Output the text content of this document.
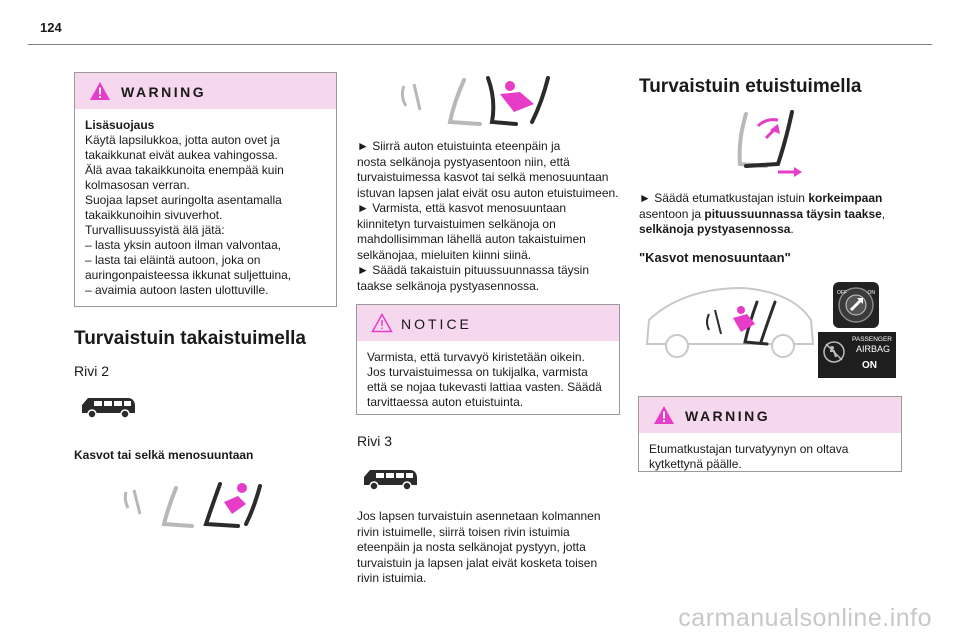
124
WARNING
Lisäsuojaus
Käytä lapsilukkoa, jotta auton ovet ja
takaikkunat eivät aukea vahingossa.
Älä avaa takaikkunoita enempää kuin
kolmasosan verran.
Suojaa lapset auringolta asentamalla
takaikkunoihin sivuverhot.
Turvallisuussyistä älä jätä:
– lasta yksin autoon ilman valvontaa,
– lasta tai eläintä autoon, joka on
auringonpaisteessa ikkunat suljettuina,
– avaimia autoon lasten ulottuville.
Turvaistuin takaistuimella
Rivi 2
Kasvot tai selkä menosuuntaan
► Siirrä auton etuistuinta eteenpäin ja
nosta selkänoja pystyasentoon niin, että
turvaistuimessa kasvot tai selkä menosuuntaan
istuvan lapsen jalat eivät osu auton etuistuimeen.
► Varmista, että kasvot menosuuntaan
kiinnitetyn turvaistuimen selkänoja on
mahdollisimman lähellä auton takaistuimen
selkänojaa, mieluiten kiinni siinä.
► Säädä takaistuin pituussuunnassa täysin
taakse selkänoja pystyasennossa.
NOTICE
Varmista, että turvavyö kiristetään oikein.
Jos turvaistuimessa on tukijalka, varmista
että se nojaa tukevasti lattiaa vasten. Säädä
tarvittaessa auton etuistuinta.
Rivi 3
Jos lapsen turvaistuin asennetaan kolmannen
rivin istuimelle, siirrä toisen rivin istuimia
eteenpäin ja nosta selkänojat pystyyn, jotta
turvaistuin ja lapsen jalat eivät kosketa toisen
rivin istuimia.
Turvaistuin etuistuimella
► Säädä etumatkustajan istuin korkeimpaan
asentoon ja pituussuunnassa täysin taakse,
selkänoja pystyasennossa.
"Kasvot menosuuntaan"
OFF	ON
PASSENGER
AIRBAG
ON
WARNING
Etumatkustajan turvatyynyn on oltava
kytkettynä päälle.
carmanualsonline.info
